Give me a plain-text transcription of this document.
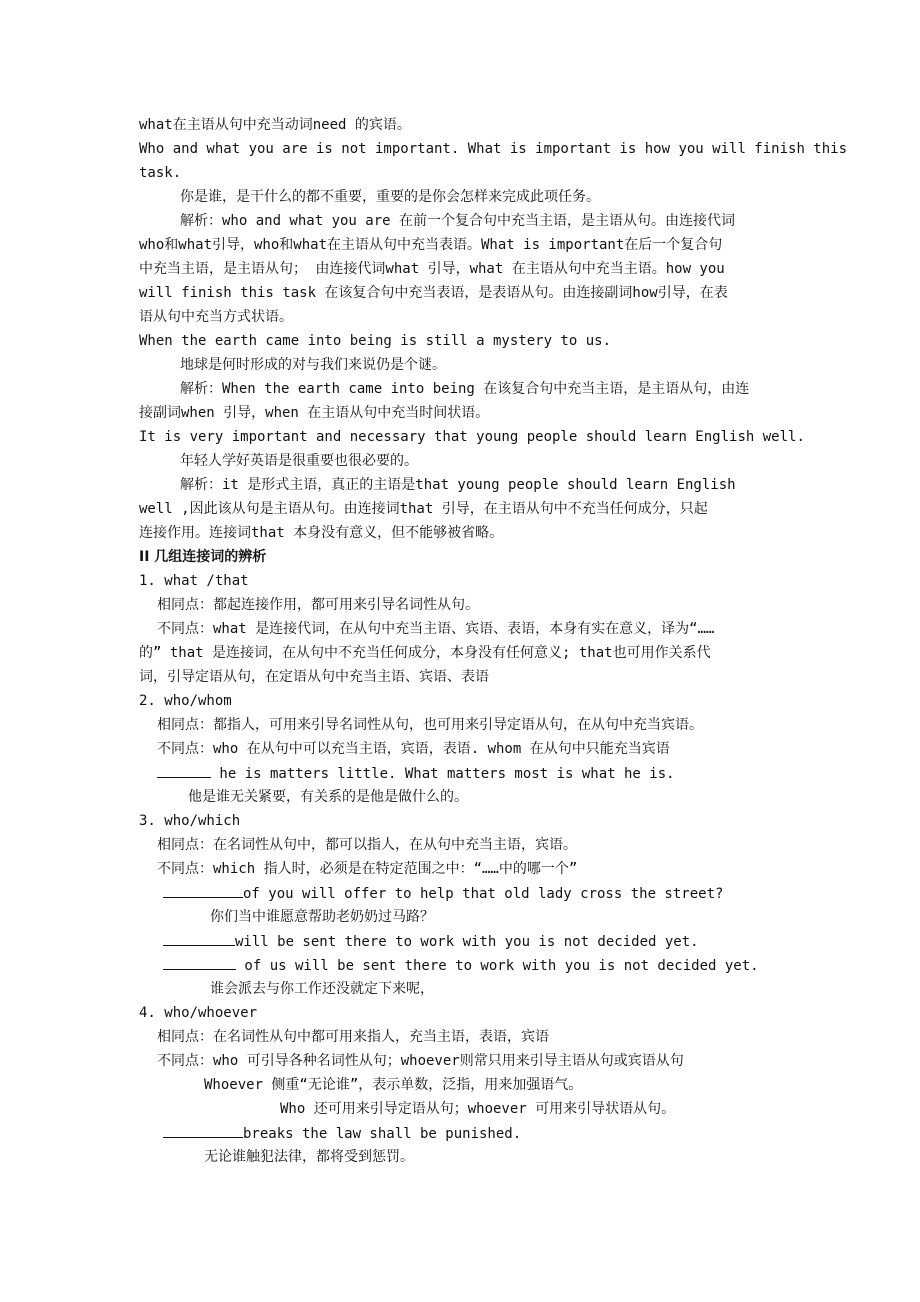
what在主语从句中充当动词need 的宾语。
Who and what you are is not important. What is important is how you will finish this
task.
你是谁，是干什么的都不重要，重要的是你会怎样来完成此项任务。
解析：who and what you are 在前一个复合句中充当主语，是主语从句。由连接代词
who和what引导，who和what在主语从句中充当表语。What is important在后一个复合句
中充当主语，是主语从句； 由连接代词what 引导，what 在主语从句中充当主语。how you
will finish this task 在该复合句中充当表语，是表语从句。由连接副词how引导，在表
语从句中充当方式状语。
When the earth came into being is still a mystery to us.
地球是何时形成的对与我们来说仍是个谜。
解析：When the earth came into being 在该复合句中充当主语，是主语从句，由连
接副词when 引导，when 在主语从句中充当时间状语。
It is very important and necessary that young people should learn English well.
年轻人学好英语是很重要也很必要的。
解析：it 是形式主语，真正的主语是that young people should learn English
well ,因此该从句是主语从句。由连接词that 引导，在主语从句中不充当任何成分，只起
连接作用。连接词that 本身没有意义，但不能够被省略。
II 几组连接词的辨析
1. what /that
相同点：都起连接作用，都可用来引导名词性从句。
不同点：what 是连接代词，在从句中充当主语、宾语、表语，本身有实在意义，译为“……
的” that 是连接词，在从句中不充当任何成分，本身没有任何意义; that也可用作关系代
词，引导定语从句，在定语从句中充当主语、宾语、表语
2. who/whom
相同点：都指人，可用来引导名词性从句，也可用来引导定语从句，在从句中充当宾语。
不同点：who 在从句中可以充当主语，宾语，表语. whom 在从句中只能充当宾语
he is matters little. What matters most is what he is.
他是谁无关紧要，有关系的是他是做什么的。
3. who/which
相同点：在名词性从句中，都可以指人，在从句中充当主语，宾语。
不同点：which 指人时，必须是在特定范围之中：“……中的哪一个”
of you will offer to help that old lady cross the street?
你们当中谁愿意帮助老奶奶过马路？
will be sent there to work with you is not decided yet.
of us will be sent there to work with you is not decided yet.
谁会派去与你工作还没就定下来呢，
4. who/whoever
相同点：在名词性从句中都可用来指人，充当主语，表语，宾语
不同点：who 可引导各种名词性从句；whoever则常只用来引导主语从句或宾语从句
Whoever 侧重“无论谁”，表示单数，泛指，用来加强语气。
Who 还可用来引导定语从句；whoever 可用来引导状语从句。
breaks the law shall be punished.
无论谁触犯法律，都将受到惩罚。
